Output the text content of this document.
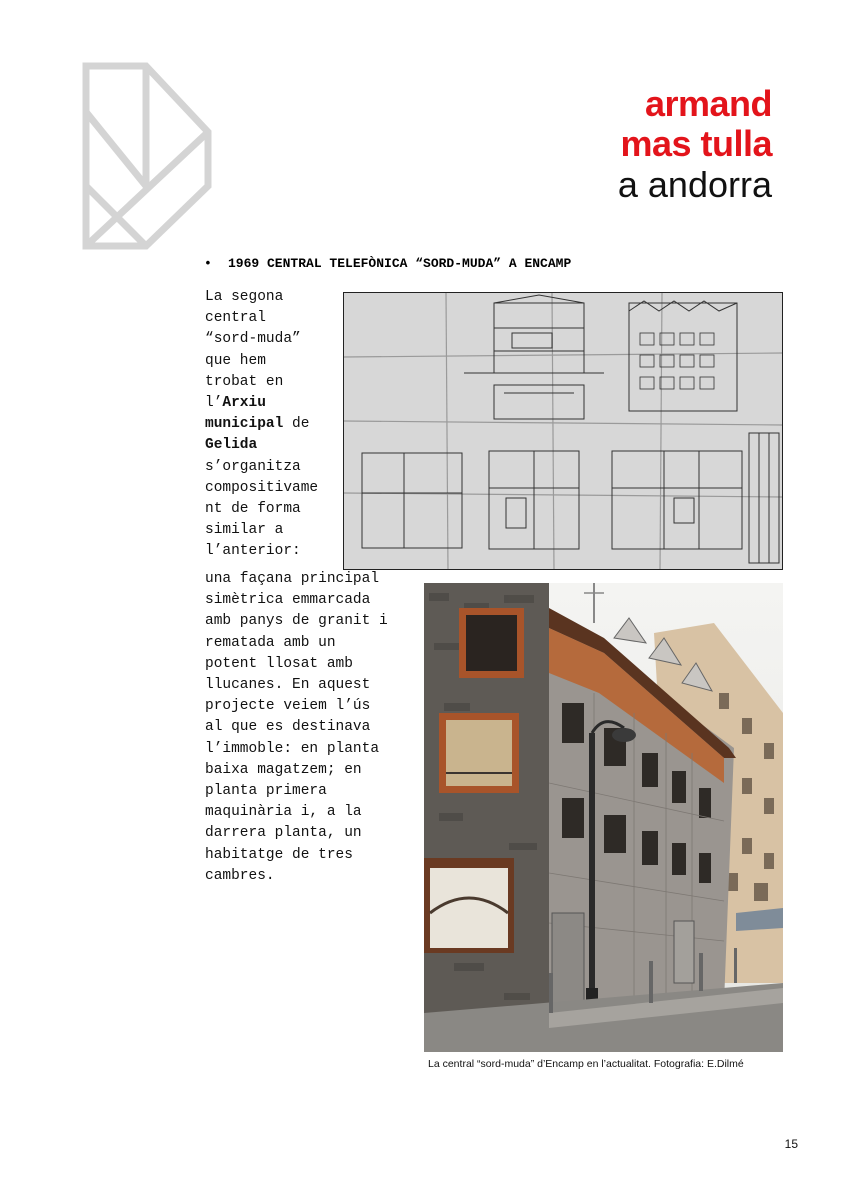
armand
mas tulla
a andorra
• 1969 CENTRAL TELEFÒNICA “SORD-MUDA” A ENCAMP

La segona

central

“sord-muda”

que hem

trobat en

l’Arxiu

municipal de

Gelida

s’organitza

compositivame

nt de forma

similar a

l’anterior:

una façana principal

simètrica emmarcada

amb panys de granit i

rematada amb un

potent llosat amb

llucanes. En aquest

projecte veiem l’ús

al que es destinava

l’immoble: en planta

baixa magatzem; en

planta primera

maquinària i, a la

darrera planta, un

habitatge de tres

cambres.

La central “sord-muda” d’Encamp en l’actualitat. Fotografia: E.Dilmé
15
